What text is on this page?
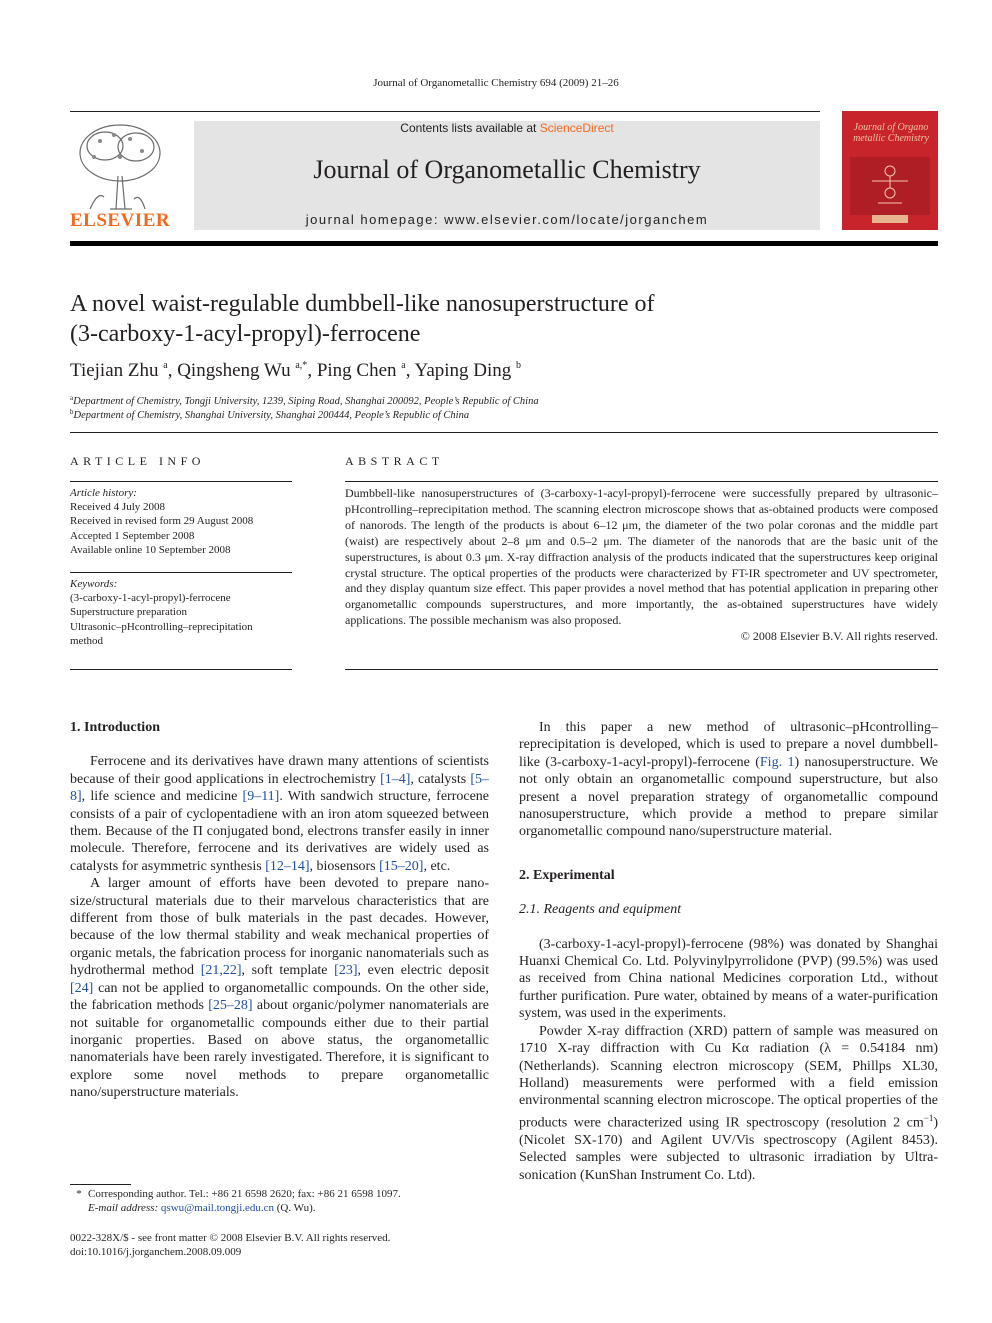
Journal of Organometallic Chemistry 694 (2009) 21–26
ELSEVIER
Contents lists available at ScienceDirect
Journal of Organometallic Chemistry
journal homepage: www.elsevier.com/locate/jorganchem
Journal of Organo metallic Chemistry
A novel waist-regulable dumbbell-like nanosuperstructure of
(3-carboxy-1-acyl-propyl)-ferrocene
Tiejian Zhu $^a$, Qingsheng Wu $^{a,*}$, Ping Chen $^a$, Yaping Ding $^b$
$^a$Department of Chemistry, Tongji University, 1239, Siping Road, Shanghai 200092, People’s Republic of China
$^b$Department of Chemistry, Shanghai University, Shanghai 200444, People’s Republic of China
ARTICLE INFO
Article history:
Received 4 July 2008
Received in revised form 29 August 2008
Accepted 1 September 2008
Available online 10 September 2008
Keywords:
(3-carboxy-1-acyl-propyl)-ferrocene
Superstructure preparation
Ultrasonic–pHcontrolling–reprecipitation
method
ABSTRACT
Dumbbell-like nanosuperstructures of (3-carboxy-1-acyl-propyl)-ferrocene were successfully prepared by ultrasonic–pHcontrolling–reprecipitation method. The scanning electron microscope shows that as-obtained products were composed of nanorods. The length of the products is about 6–12 μm, the diameter of the two polar coronas and the middle part (waist) are respectively about 2–8 μm and 0.5–2 μm. The diameter of the nanorods that are the basic unit of the superstructures, is about 0.3 μm. X-ray diffraction analysis of the products indicated that the superstructures keep original crystal structure. The optical properties of the products were characterized by FT-IR spectrometer and UV spectrometer, and they display quantum size effect. This paper provides a novel method that has potential application in preparing other organometallic compounds superstructures, and more importantly, the as-obtained superstructures have widely applications. The possible mechanism was also proposed.
© 2008 Elsevier B.V. All rights reserved.
1. Introduction

Ferrocene and its derivatives have drawn many attentions of scientists because of their good applications in electrochemistry [1–4], catalysts [5–8], life science and medicine [9–11]. With sandwich structure, ferrocene consists of a pair of cyclopentadiene with an iron atom squeezed between them. Because of the Π conjugated bond, electrons transfer easily in inner molecule. Therefore, ferrocene and its derivatives are widely used as catalysts for asymmetric synthesis [12–14], biosensors [15–20], etc.

A larger amount of efforts have been devoted to prepare nano-size/structural materials due to their marvelous characteristics that are different from those of bulk materials in the past decades. However, because of the low thermal stability and weak mechanical properties of organic metals, the fabrication process for inorganic nanomaterials such as hydrothermal method [21,22], soft template [23], even electric deposit [24] can not be applied to organometallic compounds. On the other side, the fabrication methods [25–28] about organic/polymer nanomaterials are not suitable for organometallic compounds either due to their partial inorganic properties. Based on above status, the organometallic nanomaterials have been rarely investigated. Therefore, it is significant to explore some novel methods to prepare organometallic nano/superstructure materials.

In this paper a new method of ultrasonic–pHcontrolling–reprecipitation is developed, which is used to prepare a novel dumbbell-like (3-carboxy-1-acyl-propyl)-ferrocene (Fig. 1) nanosuperstructure. We not only obtain an organometallic compound superstructure, but also present a novel preparation strategy of organometallic compound nanosuperstructure, which provide a method to prepare similar organometallic compound nano/superstructure material.

2. Experimental
2.1. Reagents and equipment

(3-carboxy-1-acyl-propyl)-ferrocene (98%) was donated by Shanghai Huanxi Chemical Co. Ltd. Polyvinylpyrrolidone (PVP) (99.5%) was used as received from China national Medicines corporation Ltd., without further purification. Pure water, obtained by means of a water-purification system, was used in the experiments.

Powder X-ray diffraction (XRD) pattern of sample was measured on 1710 X-ray diffraction with Cu Kα radiation (λ = 0.54184 nm) (Netherlands). Scanning electron microscopy (SEM, Phillps XL30, Holland) measurements were performed with a field emission environmental scanning electron microscope. The optical properties of the products were characterized using IR spectroscopy (resolution 2 $cm^{-1}$) (Nicolet SX-170) and Agilent UV/Vis spectroscopy (Agilent 8453). Selected samples were subjected to ultrasonic irradiation by Ultra-sonication (KunShan Instrument Co. Ltd).

* Corresponding author. Tel.: +86 21 6598 2620; fax: +86 21 6598 1097.
E-mail address: qswu@mail.tongji.edu.cn (Q. Wu).
0022-328X/$ - see front matter © 2008 Elsevier B.V. All rights reserved.
doi:10.1016/j.jorganchem.2008.09.009
